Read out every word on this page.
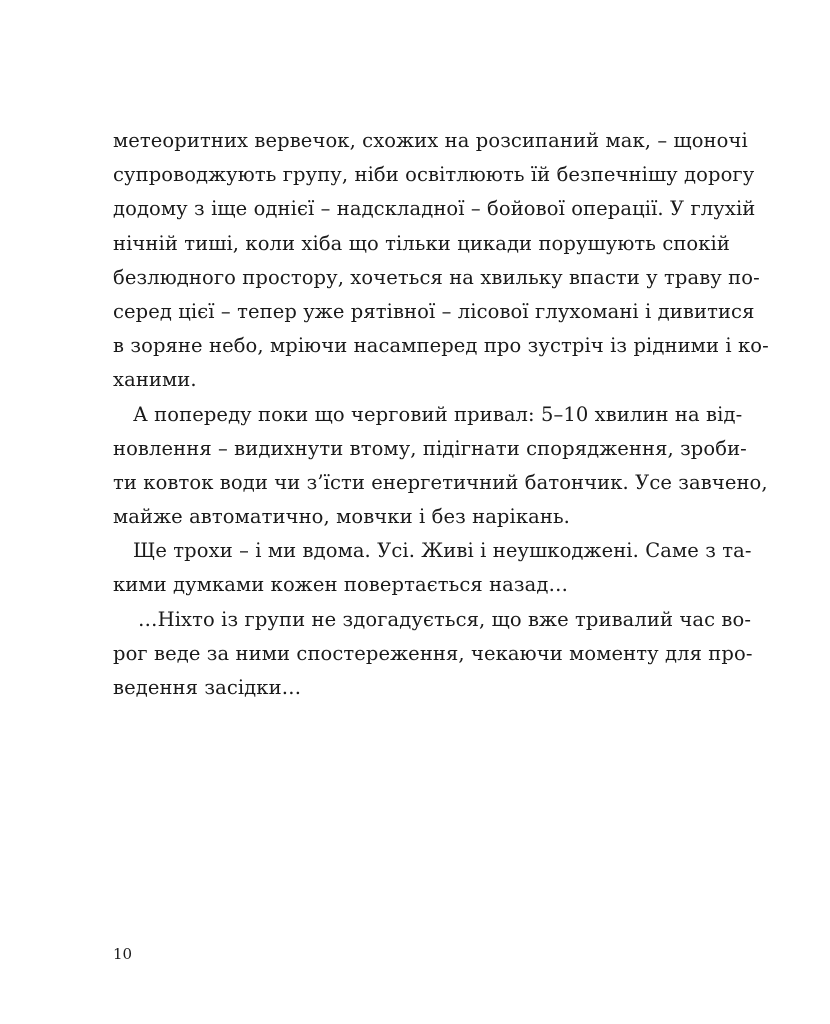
метеоритних вервечок, схожих на розсипаний мак, – щоночі
супроводжують групу, ніби освітлюють їй безпечнішу дорогу
додому з іще однієї – надскладної – бойової операції. У глухій
нічній тиші, коли хіба що тільки цикади порушують спокій
безлюдного простору, хочеться на хвильку впасти у траву по-
серед цієї – тепер уже рятівної – лісової глухомані і дивитися
в зоряне небо, мріючи насамперед про зустріч із рідними і ко-
ханими.
А попереду поки що черговий привал: 5–10 хвилин на від-
новлення – видихнути втому, підігнати спорядження, зроби-
ти ковток води чи з’їсти енергетичний батончик. Усе завчено,
майже автоматично, мовчки і без нарікань.
Ще трохи – і ми вдома. Усі. Живі і неушкоджені. Саме з та-
кими думками кожен повертається назад…
…Ніхто із групи не здогадується, що вже тривалий час во-
рог веде за ними спостереження, чекаючи моменту для про-
ведення засідки…
10
